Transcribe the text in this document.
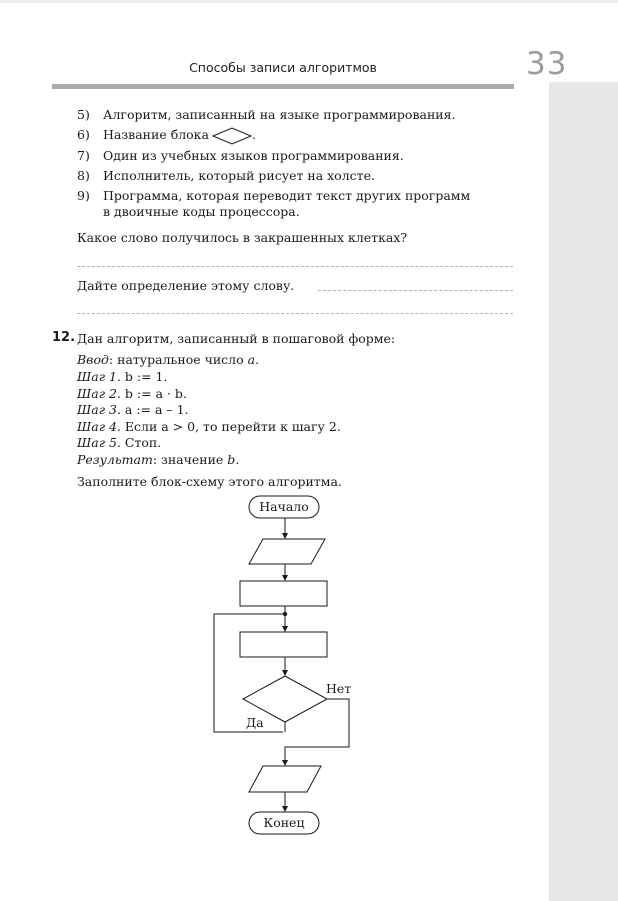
Способы записи алгоритмов	33
5) Алгоритм, записанный на языке программирования.
6) Название блока	.
7) Один из учебных языков программирования.
8) Исполнитель, который рисует на холсте.
9) Программа, которая переводит текст других программ
в двоичные коды процессора.
Какое слово получилось в закрашенных клетках?
Дайте определение этому слову.
12. Дан алгоритм, записанный в пошаговой форме:
Ввод: натуральное число a.
Шаг 1. b := 1.
Шаг 2. b := a · b.
Шаг 3. a := a – 1.
Шаг 4. Если a > 0, то перейти к шагу 2.
Шаг 5. Стоп.
Результат: значение b.
Заполните блок-схему этого алгоритма.
Начало
Конец
Нет
Да
